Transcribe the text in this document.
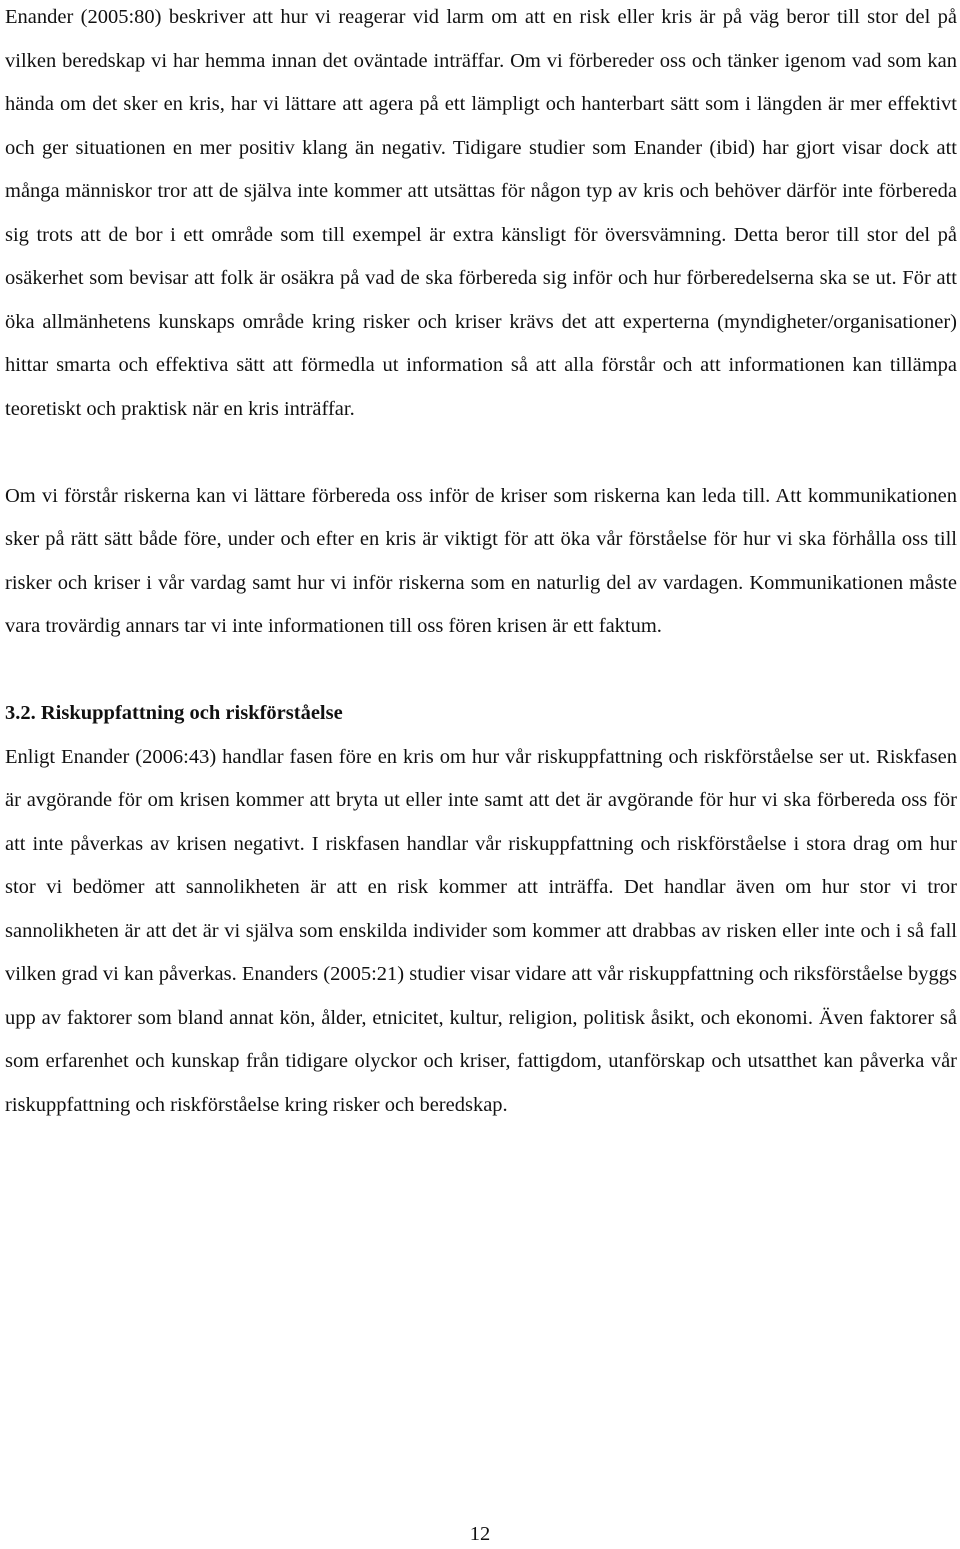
Enander (2005:80) beskriver att hur vi reagerar vid larm om att en risk eller kris är på väg beror till stor del på vilken beredskap vi har hemma innan det oväntade inträffar. Om vi förbereder oss och tänker igenom vad som kan hända om det sker en kris, har vi lättare att agera på ett lämpligt och hanterbart sätt som i längden är mer effektivt och ger situationen en mer positiv klang än negativ. Tidigare studier som Enander (ibid) har gjort visar dock att många människor tror att de själva inte kommer att utsättas för någon typ av kris och behöver därför inte förbereda sig trots att de bor i ett område som till exempel är extra känsligt för översvämning. Detta beror till stor del på osäkerhet som bevisar att folk är osäkra på vad de ska förbereda sig inför och hur förberedelserna ska se ut. För att öka allmänhetens kunskaps område kring risker och kriser krävs det att experterna (myndigheter/organisationer) hittar smarta och effektiva sätt att förmedla ut information så att alla förstår och att informationen kan tillämpa teoretiskt och praktisk när en kris inträffar.

Om vi förstår riskerna kan vi lättare förbereda oss inför de kriser som riskerna kan leda till. Att kommunikationen sker på rätt sätt både före, under och efter en kris är viktigt för att öka vår förståelse för hur vi ska förhålla oss till risker och kriser i vår vardag samt hur vi inför riskerna som en naturlig del av vardagen. Kommunikationen måste vara trovärdig annars tar vi inte informationen till oss fören krisen är ett faktum.

3.2. Riskuppfattning och riskförståelse

Enligt Enander (2006:43) handlar fasen före en kris om hur vår riskuppfattning och riskförståelse ser ut. Riskfasen är avgörande för om krisen kommer att bryta ut eller inte samt att det är avgörande för hur vi ska förbereda oss för att inte påverkas av krisen negativt. I riskfasen handlar vår riskuppfattning och riskförståelse i stora drag om hur stor vi bedömer att sannolikheten är att en risk kommer att inträffa. Det handlar även om hur stor vi tror sannolikheten är att det är vi själva som enskilda individer som kommer att drabbas av risken eller inte och i så fall vilken grad vi kan påverkas. Enanders (2005:21) studier visar vidare att vår riskuppfattning och riksförståelse byggs upp av faktorer som bland annat kön, ålder, etnicitet, kultur, religion, politisk åsikt, och ekonomi. Även faktorer så som erfarenhet och kunskap från tidigare olyckor och kriser, fattigdom, utanförskap och utsatthet kan påverka vår riskuppfattning och riskförståelse kring risker och beredskap.

12
